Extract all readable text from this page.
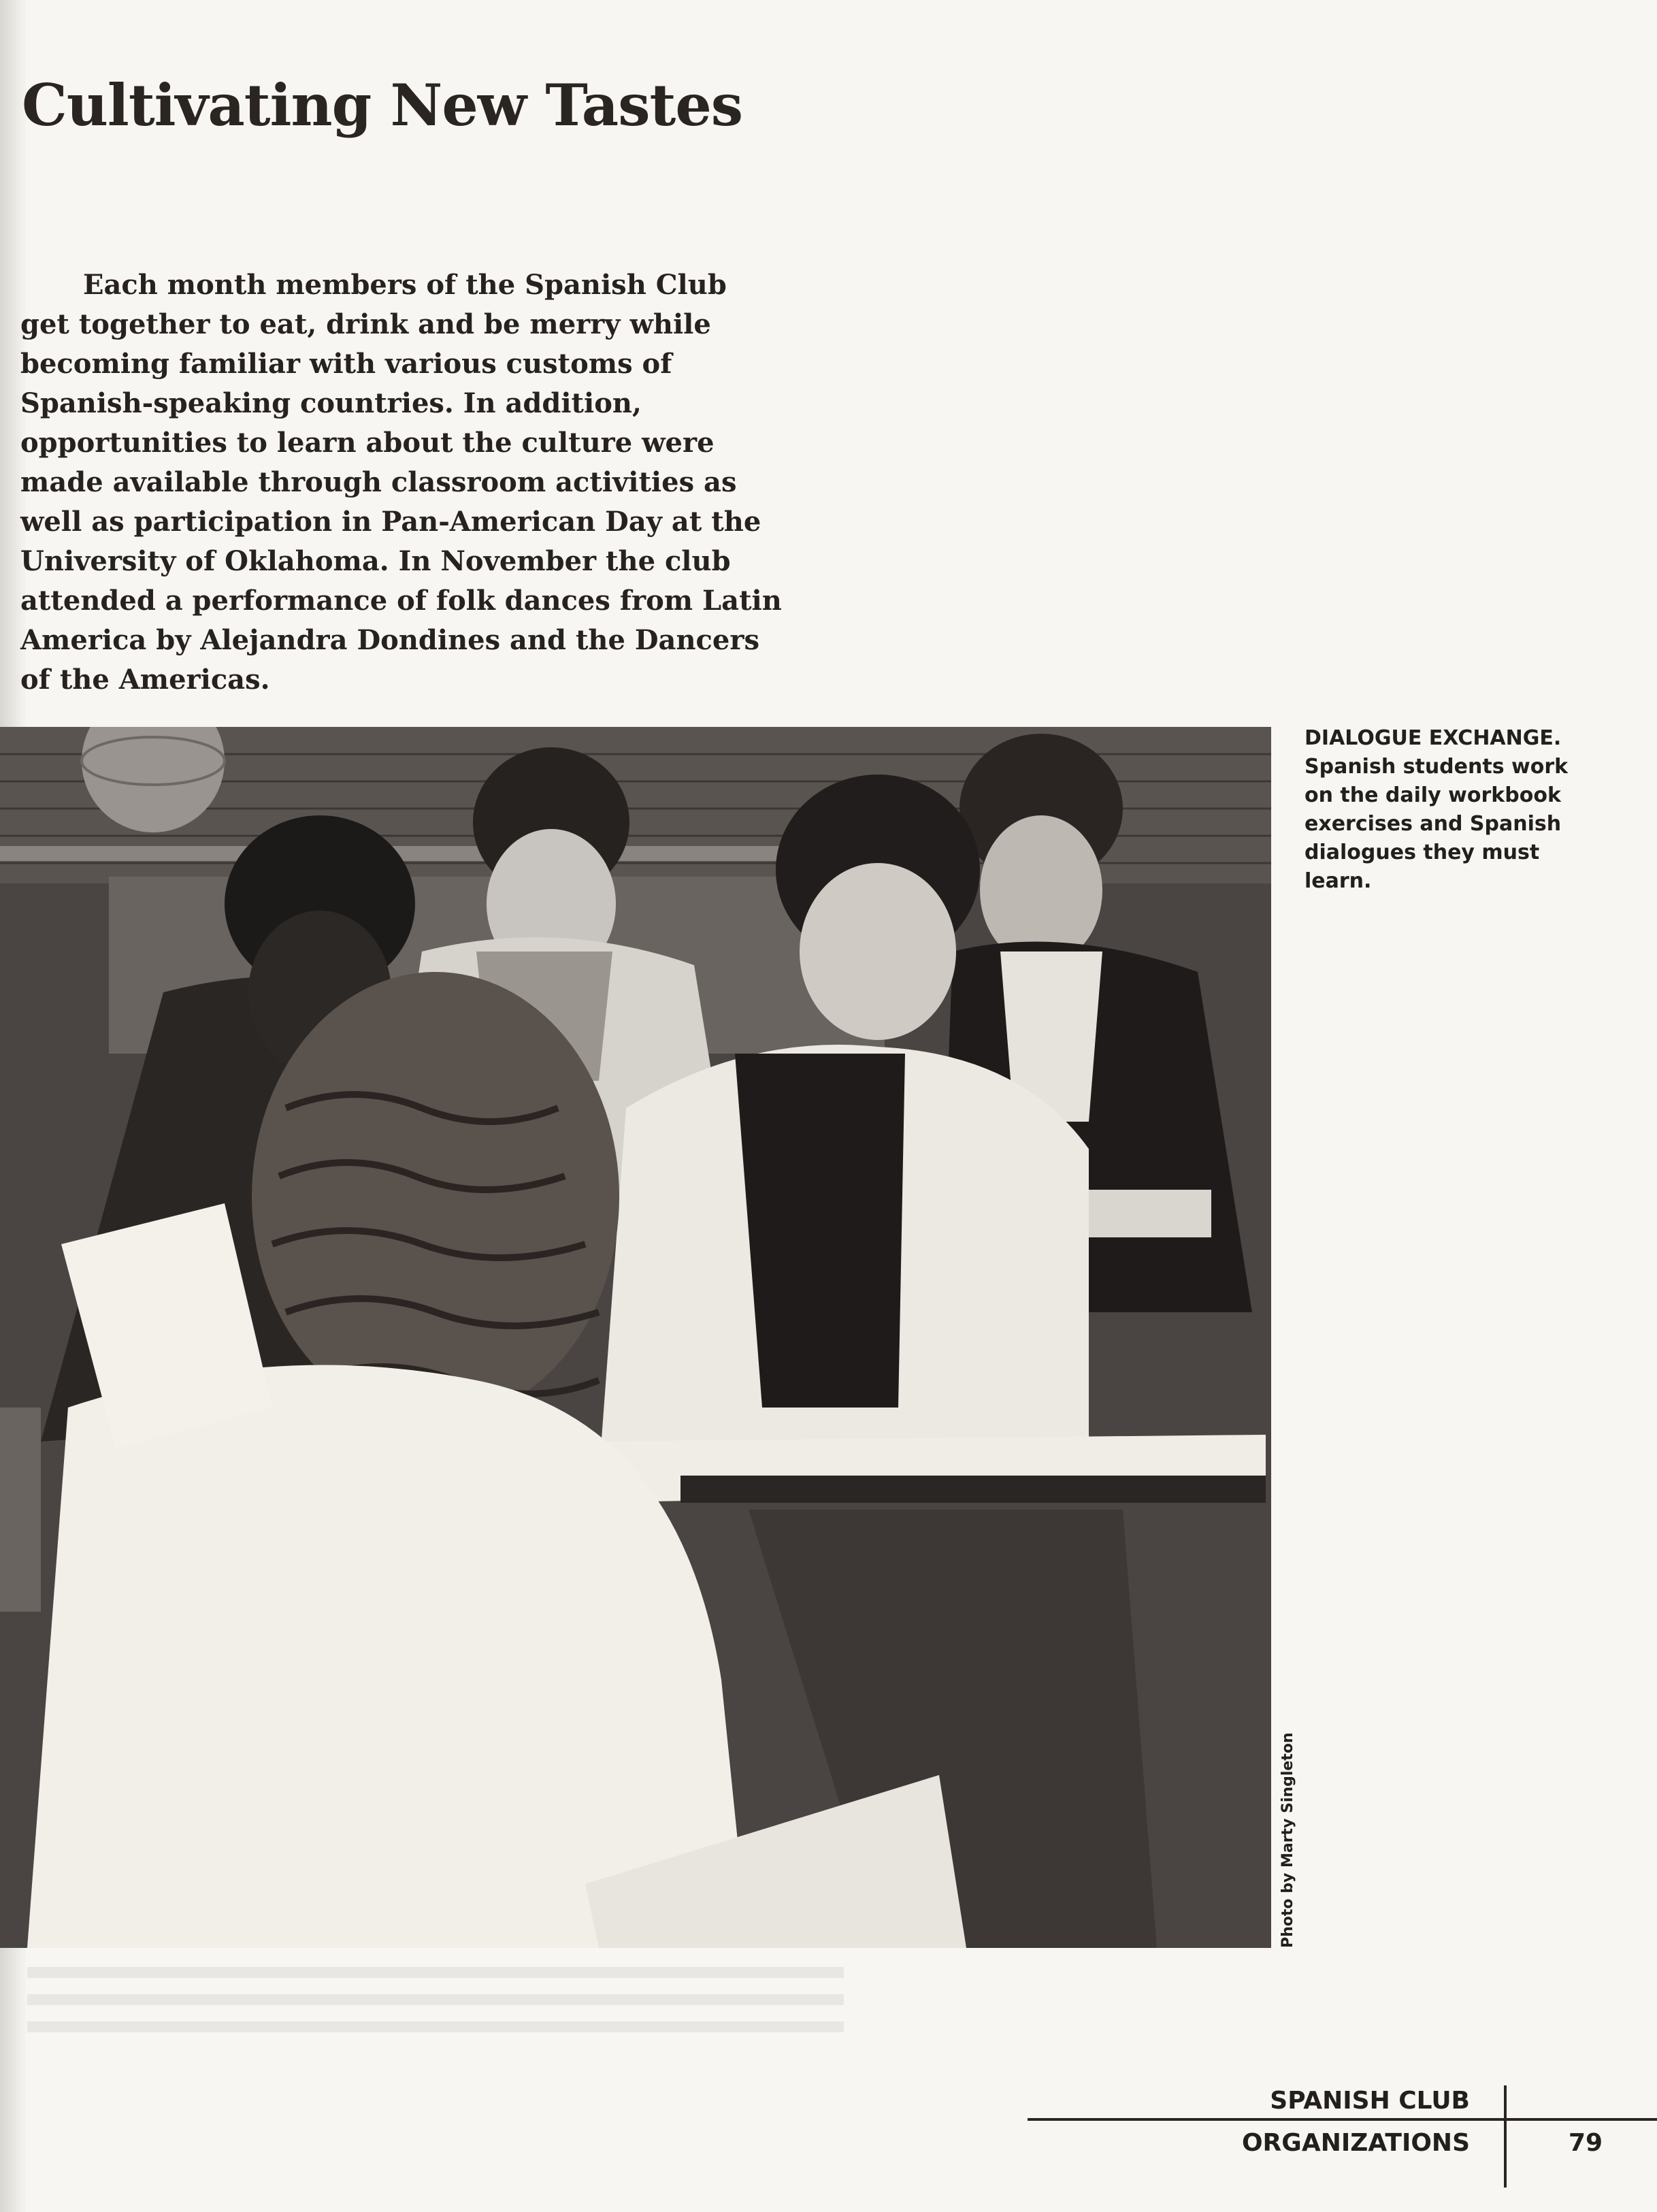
Cultivating New Tastes

Each month members of the Spanish Club get together to eat, drink and be merry while becoming familiar with various customs of Spanish-speaking countries. In addition, opportunities to learn about the culture were made available through classroom activities as well as participation in Pan-American Day at the University of Oklahoma. In November the club attended a performance of folk dances from Latin America by Alejandra Dondines and the Dancers of the Americas.

DIALOGUE EXCHANGE. Spanish students work on the daily workbook exercises and Spanish dialogues they must learn.

Photo by Marty Singleton
SPANISH CLUB
ORGANIZATIONS	79
